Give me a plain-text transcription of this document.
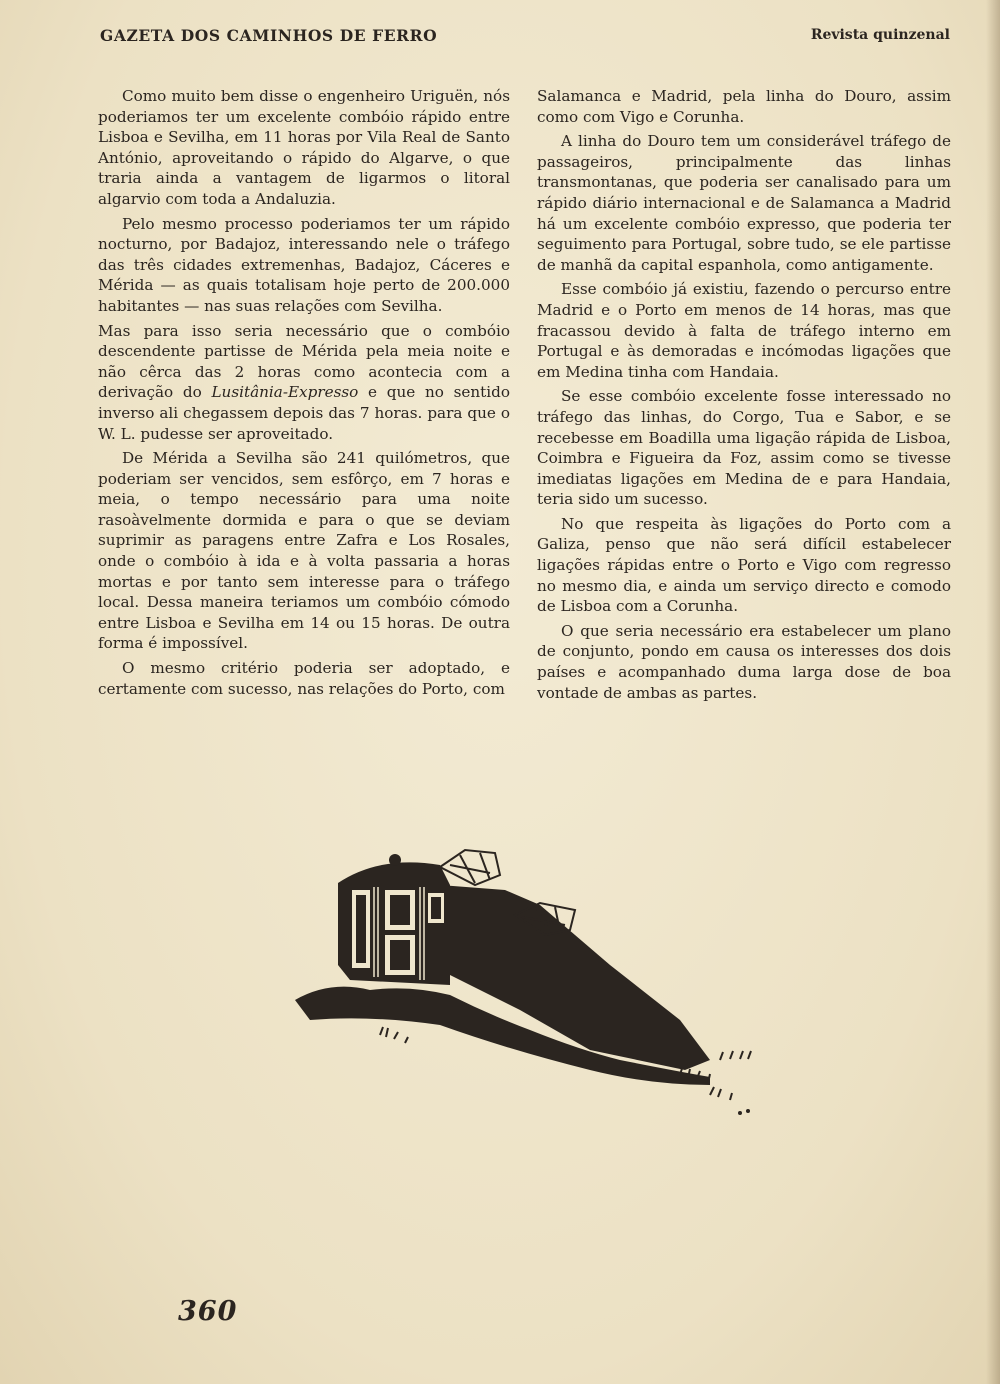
GAZETA DOS CAMINHOS DE FERRO	Revista quinzenal

Como muito bem disse o engenheiro Uriguën, nós poderiamos ter um excelente combóio rápido entre Lisboa e Sevilha, em 11 horas por Vila Real de Santo António, aproveitando o rápido do Algarve, o que traria ainda a vantagem de ligarmos o litoral algarvio com toda a Andaluzia.

Pelo mesmo processo poderiamos ter um rápido nocturno, por Badajoz, interessando nele o tráfego das três cidades extremenhas, Badajoz, Cáceres e Mérida — as quais totalisam hoje perto de 200.000 habitantes — nas suas relações com Sevilha.

Mas para isso seria necessário que o combóio descendente partisse de Mérida pela meia noite e não cêrca das 2 horas como acontecia com a derivação do Lusitânia-Expresso e que no sentido inverso ali chegassem depois das 7 horas. para que o W. L. pudesse ser aproveitado.

De Mérida a Sevilha são 241 quilómetros, que poderiam ser vencidos, sem esfôrço, em 7 horas e meia, o tempo necessário para uma noite rasoàvelmente dormida e para o que se deviam suprimir as paragens entre Zafra e Los Rosales, onde o combóio à ida e à volta passaria a horas mortas e por tanto sem interesse para o tráfego local. Dessa maneira teriamos um combóio cómodo entre Lisboa e Sevilha em 14 ou 15 horas. De outra forma é impossível.

O mesmo critério poderia ser adoptado, e certamente com sucesso, nas relações do Porto, com

Salamanca e Madrid, pela linha do Douro, assim como com Vigo e Corunha.

A linha do Douro tem um considerável tráfego de passageiros, principalmente das linhas transmontanas, que poderia ser canalisado para um rápido diário internacional e de Salamanca a Madrid há um excelente combóio expresso, que poderia ter seguimento para Portugal, sobre tudo, se ele partisse de manhã da capital espanhola, como antigamente.

Esse combóio já existiu, fazendo o percurso entre Madrid e o Porto em menos de 14 horas, mas que fracassou devido à falta de tráfego interno em Portugal e às demoradas e incómodas ligações que em Medina tinha com Handaia.

Se esse combóio excelente fosse interessado no tráfego das linhas, do Corgo, Tua e Sabor, e se recebesse em Boadilla uma ligação rápida de Lisboa, Coimbra e Figueira da Foz, assim como se tivesse imediatas ligações em Medina de e para Handaia, teria sido um sucesso.

No que respeita às ligações do Porto com a Galiza, penso que não será difícil estabelecer ligações rápidas entre o Porto e Vigo com regresso no mesmo dia, e ainda um serviço directo e comodo de Lisboa com a Corunha.

O que seria necessário era estabelecer um plano de conjunto, pondo em causa os interesses dos dois países e acompanhado duma larga dose de boa vontade de ambas as partes.

360
